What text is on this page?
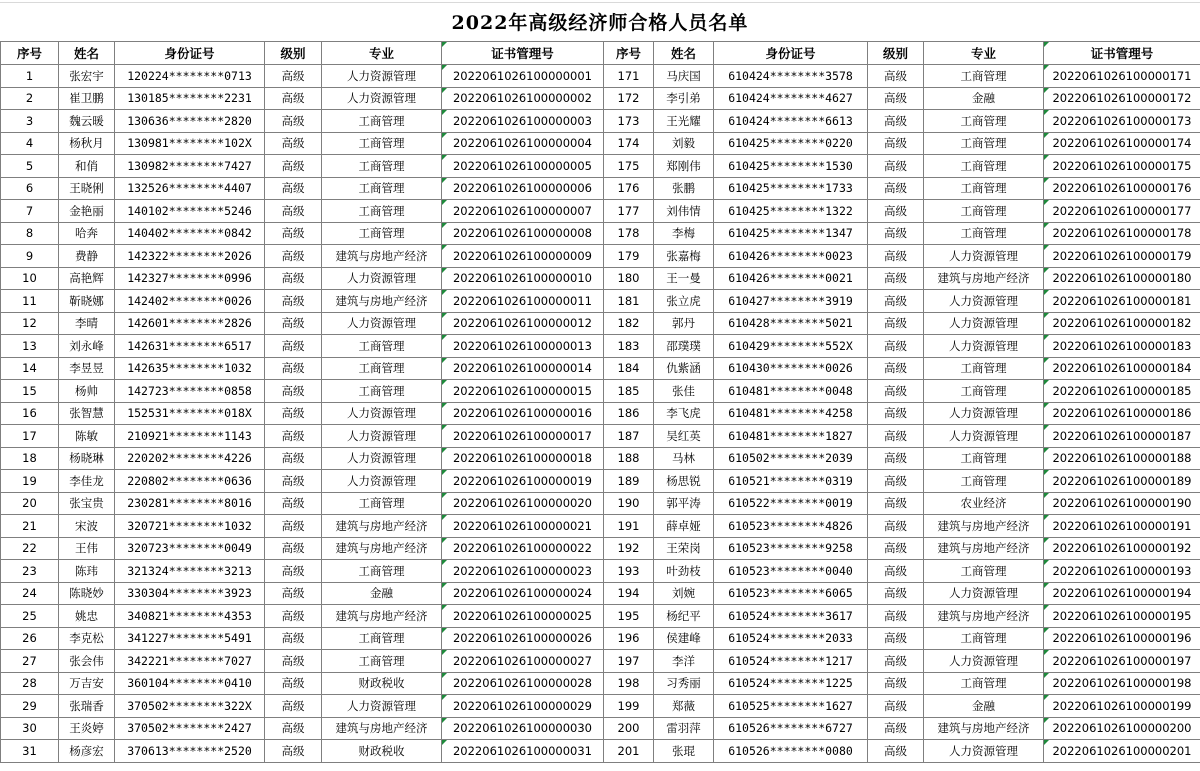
2022年高级经济师合格人员名单
序号	姓名	身份证号	级别	专业	证书管理号	序号	姓名	身份证号	级别	专业	证书管理号
1	张宏宇	120224********0713	高级	人力资源管理	2022061026100000001	171	马庆国	610424********3578	高级	工商管理	2022061026100000171
2	崔卫鹏	130185********2231	高级	人力资源管理	2022061026100000002	172	李引弟	610424********4627	高级	金融	2022061026100000172
3	魏云暖	130636********2820	高级	工商管理	2022061026100000003	173	王光耀	610424********6613	高级	工商管理	2022061026100000173
4	杨秋月	130981********102X	高级	工商管理	2022061026100000004	174	刘毅	610425********0220	高级	工商管理	2022061026100000174
5	和俏	130982********7427	高级	工商管理	2022061026100000005	175	郑刚伟	610425********1530	高级	工商管理	2022061026100000175
6	王晓俐	132526********4407	高级	工商管理	2022061026100000006	176	张鹏	610425********1733	高级	工商管理	2022061026100000176
7	金艳丽	140102********5246	高级	工商管理	2022061026100000007	177	刘伟情	610425********1322	高级	工商管理	2022061026100000177
8	哈奔	140402********0842	高级	工商管理	2022061026100000008	178	李梅	610425********1347	高级	工商管理	2022061026100000178
9	费静	142322********2026	高级	建筑与房地产经济	2022061026100000009	179	张嘉梅	610426********0023	高级	人力资源管理	2022061026100000179
10	高艳辉	142327********0996	高级	人力资源管理	2022061026100000010	180	王一曼	610426********0021	高级	建筑与房地产经济	2022061026100000180
11	靳晓娜	142402********0026	高级	建筑与房地产经济	2022061026100000011	181	张立虎	610427********3919	高级	人力资源管理	2022061026100000181
12	李晴	142601********2826	高级	人力资源管理	2022061026100000012	182	郭丹	610428********5021	高级	人力资源管理	2022061026100000182
13	刘永峰	142631********6517	高级	工商管理	2022061026100000013	183	邵璞璞	610429********552X	高级	人力资源管理	2022061026100000183
14	李昱昱	142635********1032	高级	工商管理	2022061026100000014	184	仇紫涵	610430********0026	高级	工商管理	2022061026100000184
15	杨帅	142723********0858	高级	工商管理	2022061026100000015	185	张佳	610481********0048	高级	工商管理	2022061026100000185
16	张智慧	152531********018X	高级	人力资源管理	2022061026100000016	186	李飞虎	610481********4258	高级	人力资源管理	2022061026100000186
17	陈敏	210921********1143	高级	人力资源管理	2022061026100000017	187	吴红英	610481********1827	高级	人力资源管理	2022061026100000187
18	杨晓琳	220202********4226	高级	人力资源管理	2022061026100000018	188	马林	610502********2039	高级	工商管理	2022061026100000188
19	李佳龙	220802********0636	高级	人力资源管理	2022061026100000019	189	杨思锐	610521********0319	高级	工商管理	2022061026100000189
20	张宝贵	230281********8016	高级	工商管理	2022061026100000020	190	郭平涛	610522********0019	高级	农业经济	2022061026100000190
21	宋波	320721********1032	高级	建筑与房地产经济	2022061026100000021	191	薛卓娅	610523********4826	高级	建筑与房地产经济	2022061026100000191
22	王伟	320723********0049	高级	建筑与房地产经济	2022061026100000022	192	王荣岗	610523********9258	高级	建筑与房地产经济	2022061026100000192
23	陈玮	321324********3213	高级	工商管理	2022061026100000023	193	叶劲枝	610523********0040	高级	工商管理	2022061026100000193
24	陈晓妙	330304********3923	高级	金融	2022061026100000024	194	刘婉	610523********6065	高级	人力资源管理	2022061026100000194
25	姚忠	340821********4353	高级	建筑与房地产经济	2022061026100000025	195	杨纪平	610524********3617	高级	建筑与房地产经济	2022061026100000195
26	李克松	341227********5491	高级	工商管理	2022061026100000026	196	侯建峰	610524********2033	高级	工商管理	2022061026100000196
27	张会伟	342221********7027	高级	工商管理	2022061026100000027	197	李洋	610524********1217	高级	人力资源管理	2022061026100000197
28	万吉安	360104********0410	高级	财政税收	2022061026100000028	198	习秀丽	610524********1225	高级	工商管理	2022061026100000198
29	张瑞香	370502********322X	高级	人力资源管理	2022061026100000029	199	郑薇	610525********1627	高级	金融	2022061026100000199
30	王炎婷	370502********2427	高级	建筑与房地产经济	2022061026100000030	200	雷羽萍	610526********6727	高级	建筑与房地产经济	2022061026100000200
31	杨彦宏	370613********2520	高级	财政税收	2022061026100000031	201	张琨	610526********0080	高级	人力资源管理	2022061026100000201
